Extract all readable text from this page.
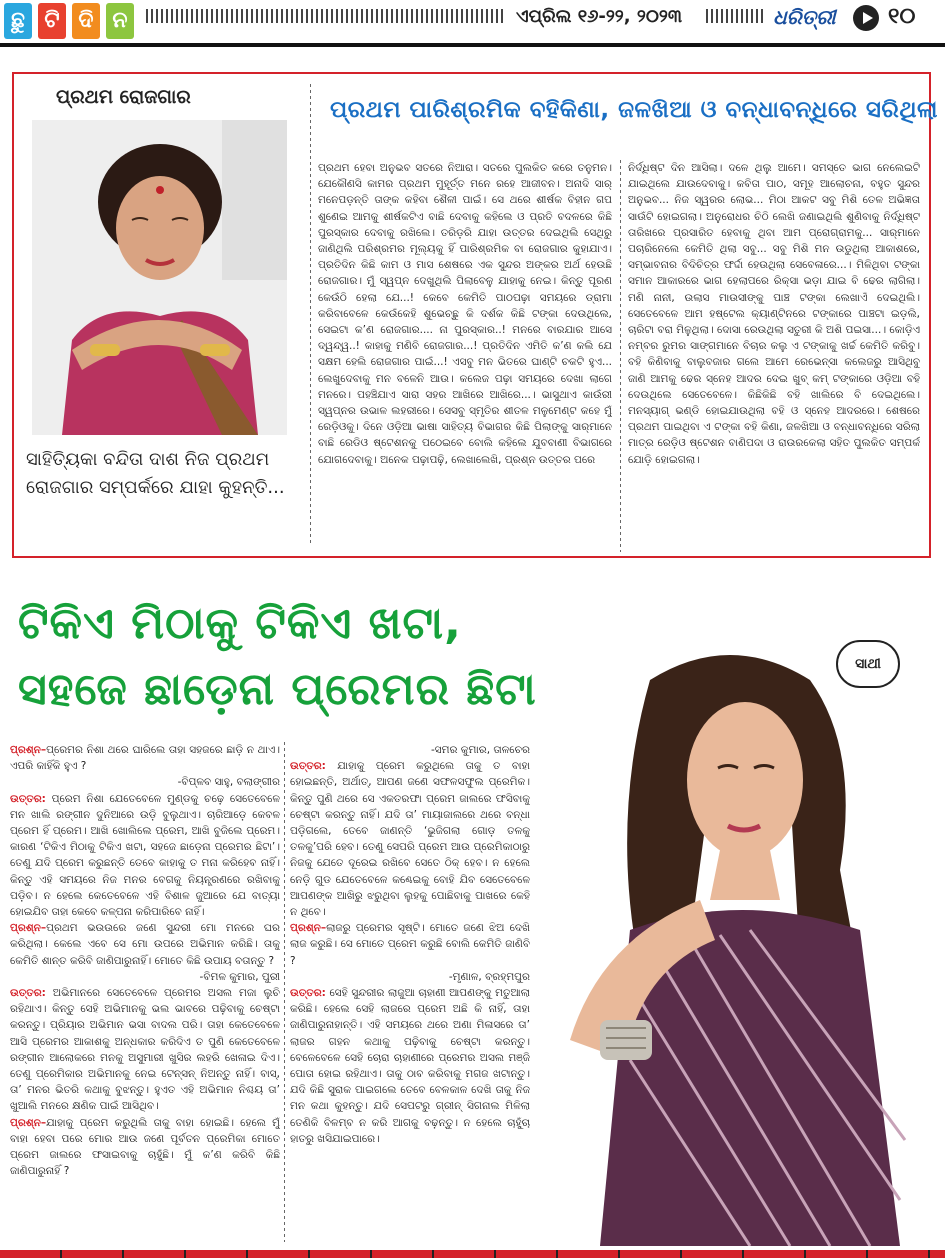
ଛୁ ଟି ଦି ନ	ଏପ୍ରିଲ ୧୬-୨୨, ୨୦୨୩	ଧରିତ୍ରୀ ୧୦
ପ୍ରଥମ ରୋଜଗାର
ସାହିତ୍ୟିକା ବନ୍ଦିତା ଦାଶ ନିଜ ପ୍ରଥମ ରୋଜଗାର ସମ୍ପର୍କରେ ଯାହା କୁହନ୍ତି...
ପ୍ରଥମ ପାରିଶ୍ରମିକ ବହିକିଣା, ଜଳଖିଆ ଓ ବନ୍ଧାବନ୍ଧିରେ ସରିଥିଲା
ପ୍ରଥମ ହେବା ଅନୁଭବ ସତରେ ନିଆରା। ସତରେ ପୁଲକିତ କରେ ତନୁମନ। ଯେକୌଣସି କାମର ପ୍ରଥମ ମୁହୂର୍ତ୍ତ ମନେ ରହେ ଆଜୀବନ। ଅନାଦି ସାର୍ ମନେପଡ଼ନ୍ତି ତାଙ୍କ କହିବା ଶୈଳୀ ପାଇଁ। ସେ ଥରେ ଶୀର୍ଷକ ବିହୀନ ଗପ ଶୁଣେଇ ଆମକୁ ଶୀର୍ଷକଟିଏ ବାଛି ଦେବାକୁ କହିଲେ ଓ ପ୍ରତି ବଦଳରେ କିଛି ପୁରସ୍କାର ଦେବାକୁ ରଖିଲେ। ତରିଡ଼ରି ଯାହା ଉତ୍ତର ଦେଇଥିଲି ସେଥିରୁ ଜାଣିଥିଲି ପରିଶ୍ରମର ମୂଲ୍ୟକୁ ହିଁ ପାରିଶ୍ରମିକ ବା ରୋଜଗାର କୁହାଯାଏ। ପ୍ରତିଦିନ କିଛି କାମ ଓ ମାସ ଶେଷରେ ଏକ ସୁନ୍ଦର ଅଙ୍କର ଅର୍ଥ ହେଉଛି ରୋଜଗାର। ମୁଁ ସ୍ୱପ୍ନ ଦେଖୁଥିଲି ପିଲାବେଳୁ ଯାହାକୁ ନେଇ। କିନ୍ତୁ ପୂରଣ କେଉଁଠି ହେଲା ଯେ...! କେବେ କେମିତି ପାଠପଢ଼ା ସମୟରେ ଡ୍ରାମା କରିବାବେଳେ କେଉଁକେହି ଶୁଭେଚ୍ଛୁ କି ଦର୍ଶକ କିଛି ଟଙ୍କା ଦେଉଥିଲେ, ସେଇଟା କ’ଣ ରୋଜଗାର.... ନା ପୁରସ୍କାର..! ମନରେ ବାରଯାର ଆସେ ଦ୍ୱନ୍ଦ୍ୱ..! କାହାକୁ ମଣିବି ରୋଜଗାର...! ପ୍ରତିଦିନ ଏମିତି କ’ଣ କଲି ଯେ ସକ୍ଷମ ହେଲି ରୋଜଗାର ପାଇଁ...! ଏସବୁ ମନ ଭିତରେ ଘାଣ୍ଟି ଚକଟି ହୁଏ... ଲେଖୁଦେବାକୁ ମନ ବଳେନି ଆଉ। କଲେଜ ପଢ଼ା ସମୟରେ ଦେଖା ଲାଗେ ମନରେ। ପହଞ୍ଚିଯାଏ ସାରା ସହର ଆଖିରେ ଆଖିରେ...। ଭାସୁଥାଏ କାଉଁରୀ ସ୍ୱପ୍ନର ଉଭାଳ ଲହରୀରେ। ସେସବୁ ସ୍ମୃତିର ଶୀତଳ ମଳୁମେଣ୍ଟ କହେ ମୁଁ ରେଡ଼ିଓକୁ। ଦିନେ ଓଡ଼ିଆ ଭାଷା ସାହିତ୍ୟ ବିଭାଗର କିଛି ପିଲାଙ୍କୁ ସାର୍‌ମାନେ ବାଛି ରେଡିଓ ଷ୍ଟେଶନକୁ ପଠେଇବେ ବୋଲି କହିଲେ ଯୁବବାଣୀ ବିଭାଗରେ ଯୋଗଦେବାକୁ। ଅନେକ ପଢ଼ାପଢ଼ି, ଲେଖାଲେଖି, ପ୍ରଶ୍ନ ଉତ୍ତର ପରେ
ନିର୍ଦ୍ଧିଷ୍ଟ ଦିନ ଆସିଲା। ଦଳେ ଥିଲୁ ଆମେ। ସମସ୍ତେ ଭାଗ ନେଲେଇଟି ଯାଇଥିଲେ ଯାଉଦେବାକୁ। କବିତା ପାଠ, ସମୂହ ଆଲୋଚନା, ବହୁତ ସୁନ୍ଦର ଅନୁଭବ... ନିଜ ସ୍ୱରର ଲୋଭ... ମିଠା ଆକଟ ସବୁ ମିଶି ତେଳ ଅଭିଜ୍ଞତା ସାଉଁଟି ହୋଇଗଲା। ଅନୁରୋଧର ଚିଠି ଲେଖି ଜଣାଇଥିଲି ଶୁଣିବାକୁ ନିର୍ଦ୍ଧିଷ୍ଟ ତାରିଖରେ ପ୍ରସାରିତ ହେବାକୁ ଥିବା ଆମ ପ୍ରୋଗ୍ରାମକୁ... ସାର୍‌ମାନେ ପଚାରିନେଲେ କେମିତି ଥିଲା ସବୁ... ସବୁ ମିଶି ମନ ଉଡୁଥିଲା ଆକାଶରେ, ସମ୍ଭାବନାର ବିଦିଚିତ୍ର ଫର୍ଦ୍ଦା ହେଉଥିଲା ସେବେଳାରେ...। ମିଳିଥିବା ଟଙ୍କା ସମାନ ଆକାରରେ ଭାଗ ହେଲାପରେ ରିକ୍ସା ଭଡ଼ା ଯାଇ ବି ଢେର ଲାଗିଲା। ମଣି ନାନୀ, ଉଲାସ ମାଉସୀଙ୍କୁ ପାଞ୍ଚ ଟଙ୍କା ଲେଖାଏଁ ଦେଇଥିଲି। ସେତେବେଳେ ଆମ ହଷ୍ଟେଲ କ୍ୟାଣ୍ଟିନରେ ଟଙ୍କାରେ ପାଞ୍ଚଟା ଇଡ଼ଲି, ଚାରିଟା ବରା ମିଳୁଥିଲା। ଦୋସା ରେଉଥିଲା ସତୁରୀ କି ଅଶି ପଇସା...। କୋଡ଼ିଏ ନମ୍ବର ରୁମର ସାଙ୍ଗମାନେ ବିଚାର କଲୁ ଏ ଟଙ୍କାକୁ ଖର୍ଚ୍ଚ କେମିତି କରିବୁ। ବହି କିଣିବାକୁ ବାଲୁବଜାର ଗଲେ ଆମେ ରେଭେନ୍ସା କଲେଜରୁ ଆସିଥିବୁ ଜାଣି ଆମକୁ ଢେର ସ୍ନେହ ଆଦର ଦେଇ ଖୁବ୍ କମ୍ ଟଙ୍କାରେ ଓଡ଼ିଆ ବହି ଦେଉଥିଲେ ସେତେବେଳେ। କିଛିକିଛି ବହି ଖାଲିରେ ବି ଦେଇଥିଲେ। ମନସ୍ୟାଗ୍ ଭଣ୍ଡି ହୋଇଯାଉଥିଲା ବହି ଓ ସ୍ନେହ ଆଦରରେ। ଶେଷରେ ପ୍ରଥମ ପାଇଥିବା ଏ ଟଙ୍କା ବହି କିଣା, ଜଳଖିଆ ଓ ବନ୍ଧାବନ୍ଧିରେ ସରିଲା ମାତ୍ର ରେଡ଼ିଓ ଷ୍ଟେଶନ ବାଣିପଦା ଓ ରାଉରକେଲା ସହିତ ପୁଲକିତ ସମ୍ପର୍କ ଯୋଡ଼ି ହୋଇଗଲା।
ଟିକିଏ ମିଠାକୁ ଟିକିଏ ଖଟା,
ସହଜେ ଛାଡ଼େନା ପ୍ରେମର ଛିଟା	ସାଥୀ
ପ୍ରଶ୍ନ–ପ୍ରେମର ନିଶା ଥରେ ଘାରିଲେ ତାହା ସହଜରେ ଛାଡ଼ି ନ ଥାଏ। ଏପରି କାହିଁକି ହୁଏ ?
-ବିପ୍ଳବ ସାହୁ, ବଲାଙ୍ଗୀର
ଉତ୍ତର: ପ୍ରେମ ନିଶା ଯେତେବେଳେ ମୁଣ୍ଡକୁ ଚଢ଼େ ସେତେବେଳେ ମନ ଖାଲି ରଙ୍ଗୀନ ଦୁନିଆରେ ଉଡ଼ି ବୁଲୁଥାଏ। ଚାରିଆଡ଼େ କେବଳ ପ୍ରେମ ହିଁ ପ୍ରେମ। ଆଖି ଖୋଲିଲେ ପ୍ରେମ, ଆଖି ବୁଜିଲେ ପ୍ରେମ। କାରଣ ‘ଟିକିଏ ମିଠାକୁ ଟିକିଏ ଖଟା, ସହଜେ ଛାଡ଼େନା ପ୍ରେମର ଛିଟା’। ତେଣୁ ଯଦି ପ୍ରେମ କରୁଛନ୍ତି ତେବେ କାହାକୁ ତ ମନା କରିହେବ ନାହିଁ। କିନ୍ତୁ ଏହି ସମୟରେ ନିଜ ମନର ବେଗକୁ ନିୟନ୍ତ୍ରଣରେ ରଖିବାକୁ ପଡ଼ିବ। ନ ହେଲେ କେତେବେଳେ ଏହି ବିଶାଳ ଜୁଆରେ ଯେ ବାତ୍ୟା ହୋଇଯିବ ତାହା କେବେ କଳ୍ପନା କରିପାରିବେ ନାହିଁ।
ପ୍ରଶ୍ନ–ପ୍ରଥମ ଭଉଉରେ ଜଣେ ସୁନ୍ଦରୀ ମୋ ମନରେ ଘର କରିଥିଲା। କେଲେ ଏବେ ସେ ମୋ ଉପରେ ଅଭିମାନ କରିଛି। ତାକୁ କେମିତି ଶାନ୍ତ କରିବି ଜାଣିପାରୁନାହିଁ। ମୋତେ କିଛି ଉପାୟ ବତାନ୍ତୁ ?
-ବିମଳ କୁମାର, ପୁରୀ
ଉତ୍ତର: ଅଭିମାନରେ ସେତେବେଳେ ପ୍ରେମର ଅସଲ ମଜା ଲୁଚି ରହିଥାଏ। କିନ୍ତୁ ସେହି ଅଭିମାନକୁ ଭଲ ଭାବରେ ପଢ଼ିବାକୁ ଚେଷ୍ଟା କରନ୍ତୁ। ପ୍ରିୟାର ଅଭିମାନ ଭସା ବାଦଲ ପରି। ତାହା କେତେବେଳେ ଆସି ପ୍ରେମର ଆକାଶକୁ ଅନ୍ଧକାର କରିଦିଏ ତ ପୁଣି କେତେବେଳେ ରଙ୍ଗୀନ ଆଲୋକରେ ମନକୁ ଅସୁମାରୀ ଖୁସିର ଲହରି ଖେଳାଇ ଦିଏ। ତେଣୁ ପ୍ରେମିକାର ଅଭିମାନକୁ ନେଇ ଟେନ୍‌ସନ୍ ନିଅନ୍ତୁ ନାହିଁ। ବାସ୍, ତା’ ମନର ଭିତରି କଥାକୁ ବୁଝନ୍ତୁ। ହୁଏତ ଏହି ଅଭିମାନ ନିଶ୍ଚୟ ତା’ ଖୁଆଲି ମନରେ କ୍ଷଣିକ ପାଇଁ ଆସିଥିବ।
ପ୍ରଶ୍ନ–ଯାହାକୁ ପ୍ରେମ କରୁଥିଲି ତାକୁ ବାହା ହୋଇଛି। ହେଲେ ମୁଁ ବାହା ହେବା ପରେ ମୋର ଆଉ ଜଣେ ପୂର୍ବତନ ପ୍ରେମିକା ମୋତେ ପ୍ରେମ ଜାଲରେ ଫସାଇବାକୁ ଚାହୁଁଛି। ମୁଁ କ’ଣ କରିବି କିଛି ଜାଣିପାରୁନାହିଁ ?
-ସମର କୁମାର, ତାଳଚେର
ଉତ୍ତର: ଯାହାକୁ ପ୍ରେମ କରୁଥିଲେ ତାକୁ ତ ବାହା ହୋଇଛନ୍ତି, ଅର୍ଥାତ୍, ଆପଣ ଜଣେ ସଫଳସଫୁଲ ପ୍ରେମିକ। କିନ୍ତୁ ପୁଣି ଥରେ ସେ ଏକତରଫା ପ୍ରେମ ଜାଲରେ ଫସିବାକୁ ଚେଷ୍ଟା କରନ୍ତୁ ନାହିଁ। ଯଦି ତା’ ମାୟାଜାଲରେ ଥରେ ବନ୍ଧା ପଡ଼ିଗଲେ, ତେବେ ଜାଣନ୍ତି ‘ଭୁଜିଗଲା ଗୋଡ଼ ତଳକୁ ତଳକୁ’ପରି ହେବ। ତେଣୁ ସେପରି ପ୍ରେମ ଆଉ ପ୍ରେମିକାଠାରୁ ନିଜକୁ ଯେତେ ଦୂରେଇ ରଖିବେ ସେତେ ଠିକ୍ ହେବ। ନ ହେଲେ ନେଡ଼ି ଗୁଡ ଯେତେବେଳେ କଣ୍ଢେଇକୁ ବୋହି ଯିବ ସେତେବେଳେ ଆପଣଙ୍କ ଆଖିରୁ ଝରୁଥିବା ଲୁହକୁ ପୋଛିବାକୁ ପାଖରେ କେହି ନ ଥିବେ।
ପ୍ରଶ୍ନ–ଲାଜରୁ ପ୍ରେମର ସୃଷ୍ଟି। ମୋତେ ଜଣେ ଝିଅ ଦେଖି ଲାଜ କରୁଛି। ସେ ମୋତେ ପ୍ରେମ କରୁଛି ବୋଲି କେମିତି ଜାଣିବି ?
-ମୃଣାଳ, ବ୍ରହ୍ମପୁର
ଉତ୍ତର: ସେହି ସୁନ୍ଦରୀର ଲାଜୁଆ ଚାହାଣୀ ଆପଣଙ୍କୁ ମତୁଆଲା କରିଛି। ହେଲେ ସେହି ଲାଜରେ ପ୍ରେମ ଅଛି କି ନାହିଁ, ତାହା ଜାଣିପାରୁନାହାନ୍ତି। ଏହି ସମୟରେ ଥରେ ଅଣା ମିଳାସରେ ତା’ ଲାଜର ଗହନ କଥାକୁ ପଢ଼ିବାକୁ ଚେଷ୍ଟା କରନ୍ତୁ। ବେଳେବେଳେ ସେହି ଚୋରା ଚାହାଣୀରେ ପ୍ରେମର ଅସଲ ମଞ୍ଜି ପୋତା ହୋଇ ରହିଥାଏ। ତାକୁ ଠାବ କରିବାକୁ ମଗଜ ଖଟାନ୍ତୁ। ଯଦି କିଛି ସୁରାକ ପାଇଗଲେ ତେବେ ବେଳକାଳ ଦେଖି ତାକୁ ନିଜ ମନ କଥା କୁହନ୍ତୁ। ଯଦି ସେପଟରୁ ଗ୍ରୀନ୍ ସିଗନାଲ ମିଳିଲା ତେଣିକି ବିଳମ୍ବ ନ କରି ଆଗକୁ ବଢ଼ନ୍ତୁ। ନ ହେଲେ ଚାହୁଁଚା ହାତରୁ ଖସିଯାଇପାରେ।
